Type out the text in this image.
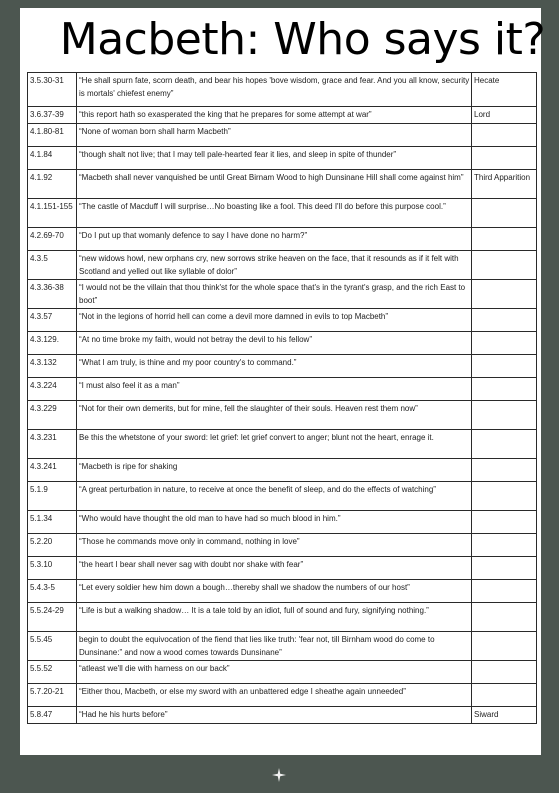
Macbeth: Who says it?
3.5.30-31	“He shall spurn fate, scorn death, and bear his hopes 'bove wisdom, grace and fear. And you all know, security is mortals' chiefest enemy”	Hecate
3.6.37-39	“this report hath so exasperated the king that he prepares for some attempt at war”	Lord
4.1.80-81	“None of woman born shall harm Macbeth”	
4.1.84	“though shalt not live; that I may tell pale-hearted fear it lies, and sleep in spite of thunder”	
4.1.92	“Macbeth shall never vanquished be until Great Birnam Wood to high Dunsinane Hill shall come against him”	Third Apparition
4.1.151-155	“The castle of Macduff I will surprise…No boasting like a fool. This deed I'll do before this purpose cool.”	
4.2.69-70	“Do I put up that womanly defence to say I have done no harm?”	
4.3.5	“new widows howl, new orphans cry, new sorrows strike heaven on the face, that it resounds as if it felt with Scotland and yelled out like syllable of dolor”	
4.3.36-38	“I would not be the villain that thou think'st for the whole space that's in the tyrant's grasp, and the rich East to boot”	
4.3.57	“Not in the legions of horrid hell can come a devil more damned in evils to top Macbeth”	
4.3.129.	“At no time broke my faith, would not betray the devil to his fellow”	
4.3.132	“What I am truly, is thine and my poor country's to command.”	
4.3.224	“I must also feel it as a man”	
4.3.229	“Not for their own demerits, but for mine, fell the slaughter of their souls. Heaven rest them now”	
4.3.231	Be this the whetstone of your sword: let grief: let grief convert to anger; blunt not the heart, enrage it.	
4.3.241	“Macbeth is ripe for shaking	
5.1.9	“A great perturbation in nature, to receive at once the benefit of sleep, and do the effects of watching”	
5.1.34	“Who would have thought the old man to have had so much blood in him.”	
5.2.20	“Those he commands move only in command, nothing in love”	
5.3.10	“the heart I bear shall never sag with doubt nor shake with fear”	
5.4.3-5	“Let every soldier hew him down a bough…thereby shall we shadow the numbers of our host”	
5.5.24-29	“Life is but a walking shadow… It is a tale told by an idiot, full of sound and fury, signifying nothing.”	
5.5.45	begin to doubt the equivocation of the fiend that lies like truth: 'fear not, till Birnham wood do come to Dunsinane:” and now a wood comes towards Dunsinane”	
5.5.52	“atleast we'll die with harness on our back”	
5.7.20-21	“Either thou, Macbeth, or else my sword with an unbattered edge I sheathe again unneeded”	
5.8.47	“Had he his hurts before”	Siward
